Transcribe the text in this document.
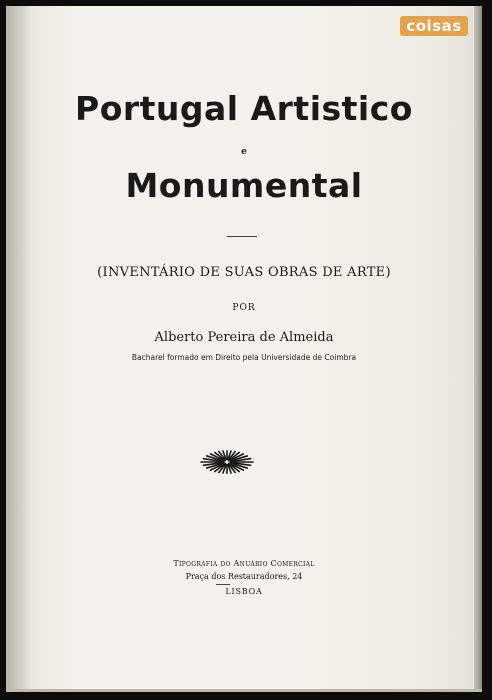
coisas
Portugal Artistico
e
Monumental
(INVENTÁRIO DE SUAS OBRAS DE ARTE)
POR
Alberto Pereira de Almeida
Bacharel formado em Direito pela Universidade de Coimbra
Tipografia do Anuário Comercial
Praça dos Restauradores, 24
LISBOA
